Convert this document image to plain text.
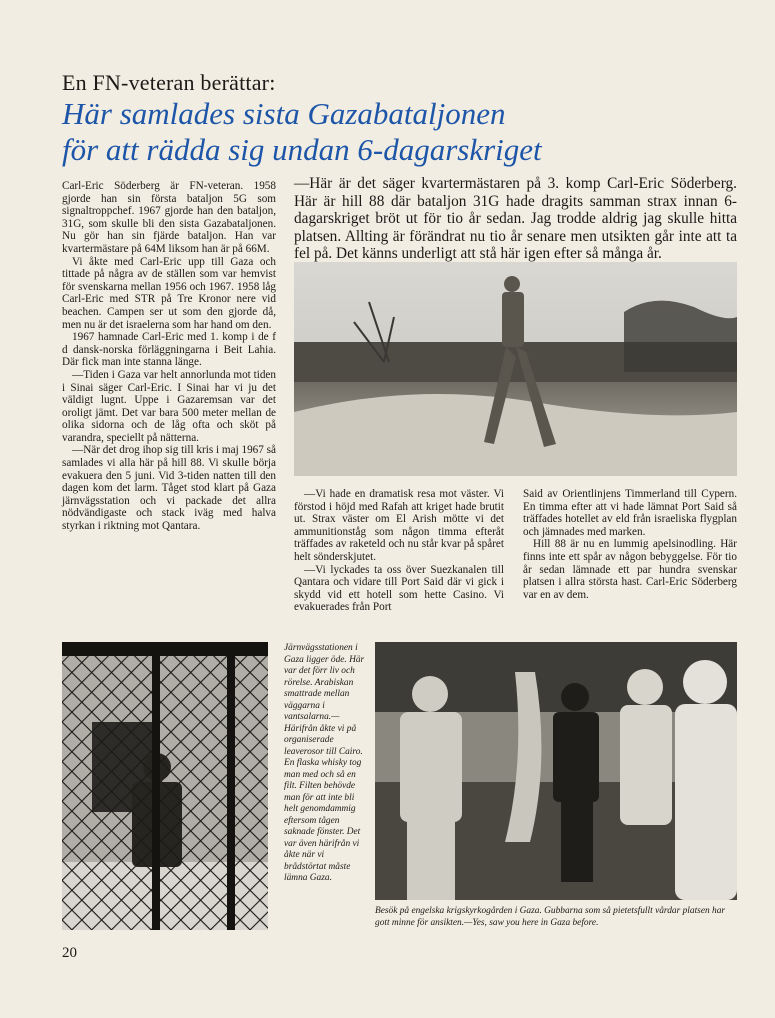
En FN-veteran berättar:
Här samlades sista Gazabataljonen
för att rädda sig undan 6-dagarskriget

Carl-Eric Söderberg är FN-veteran. 1958 gjorde han sin första bataljon 5G som signaltroppchef. 1967 gjorde han den bataljon, 31G, som skulle bli den sista Gazabataljonen. Nu gör han sin fjärde bataljon. Han var kvartermästare på 64M liksom han är på 66M.

Vi åkte med Carl-Eric upp till Gaza och tittade på några av de ställen som var hemvist för svenskarna mellan 1956 och 1967. 1958 låg Carl-Eric med STR på Tre Kronor nere vid beachen. Campen ser ut som den gjorde då, men nu är det israelerna som har hand om den.

1967 hamnade Carl-Eric med 1. komp i de f d dansk-norska förläggningarna i Beit Lahia. Där fick man inte stanna länge.

—Tiden i Gaza var helt annorlunda mot tiden i Sinai säger Carl-Eric. I Sinai har vi ju det väldigt lugnt. Uppe i Gazaremsan var det oroligt jämt. Det var bara 500 meter mellan de olika sidorna och de låg ofta och sköt på varandra, speciellt på nätterna.

—När det drog ihop sig till kris i maj 1967 så samlades vi alla här på hill 88. Vi skulle börja evakuera den 5 juni. Vid 3-tiden natten till den dagen kom det larm. Tåget stod klart på Gaza järnvägsstation och vi packade det allra nödvändigaste och stack iväg med halva styrkan i riktning mot Qantara.

—Här är det säger kvartermästaren på 3. komp Carl-Eric Söderberg. Här är hill 88 där bataljon 31G hade dragits samman strax innan 6-dagarskriget bröt ut för tio år sedan. Jag trodde aldrig jag skulle hitta platsen. Allting är förändrat nu tio år senare men utsikten går inte att ta fel på. Det känns underligt att stå här igen efter så många år.

—Vi hade en dramatisk resa mot väster. Vi förstod i höjd med Rafah att kriget hade brutit ut. Strax väster om El Arish mötte vi det ammunitionståg som någon timma efteråt träffades av raketeld och nu står kvar på spåret helt sönderskjutet.

—Vi lyckades ta oss över Suezkanalen till Qantara och vidare till Port Said där vi gick i skydd vid ett hotell som hette Casino. Vi evakuerades från Port

Said av Orientlinjens Timmerland till Cypern. En timma efter att vi hade lämnat Port Said så träffades hotellet av eld från israeliska flygplan och jämnades med marken.

Hill 88 är nu en lummig apelsinodling. Här finns inte ett spår av någon bebyggelse. För tio år sedan lämnade ett par hundra svenskar platsen i allra största hast. Carl-Eric Söderberg var en av dem.

Järnvägsstationen i Gaza ligger öde. Här var det förr liv och rörelse. Arabiskan smattrade mellan väggarna i vantsalarna.—Härifrån åkte vi på organiserade leaverosor till Cairo. En flaska whisky tog man med och så en filt. Filten behövde man för att inte bli helt genomdammig eftersom tågen saknade fönster. Det var även härifrån vi åkte när vi brådstörtat måste lämna Gaza.
Besök på engelska krigskyrkogården i Gaza. Gubbarna som så pietetsfullt vårdar platsen har gott minne för ansikten.—Yes, saw you here in Gaza before.
20
